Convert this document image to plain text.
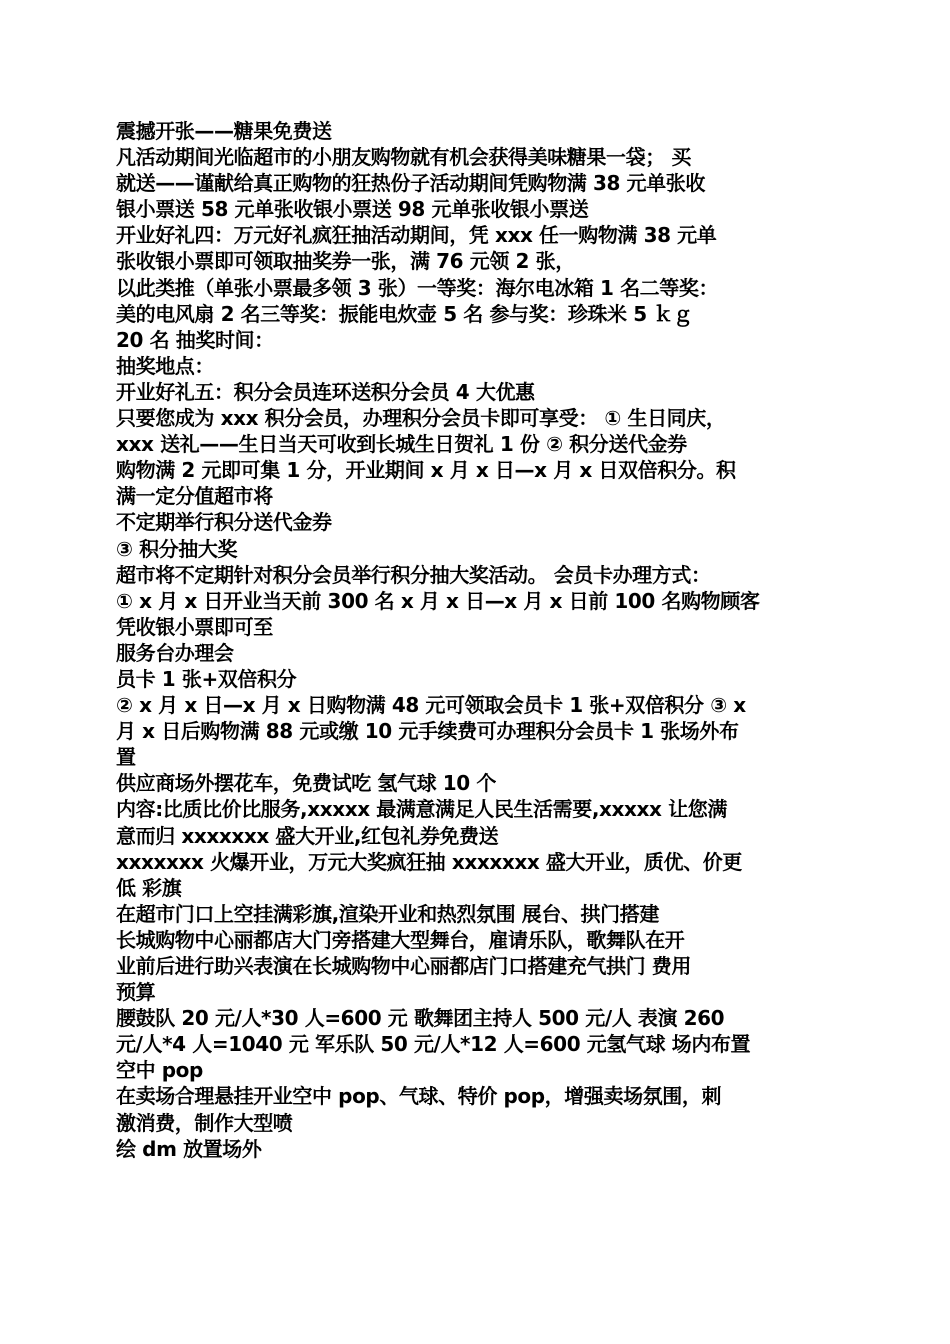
震撼开张——糖果免费送
凡活动期间光临超市的小朋友购物就有机会获得美味糖果一袋； 买
就送——谨献给真正购物的狂热份子活动期间凭购物满 38 元单张收
银小票送 58 元单张收银小票送 98 元单张收银小票送
开业好礼四：万元好礼疯狂抽活动期间，凭 xxx 任一购物满 38 元单
张收银小票即可领取抽奖券一张，满 76 元领 2 张，
以此类推（单张小票最多领 3 张）一等奖：海尔电冰箱 1 名二等奖：
美的电风扇 2 名三等奖：振能电炊壶 5 名 参与奖：珍珠米 5 ｋｇ
20 名 抽奖时间：
抽奖地点：
开业好礼五：积分会员连环送积分会员 4 大优惠
只要您成为 xxx 积分会员，办理积分会员卡即可享受： ① 生日同庆，
xxx 送礼——生日当天可收到长城生日贺礼 1 份 ② 积分送代金券
购物满 2 元即可集 1 分，开业期间 x 月 x 日—x 月 x 日双倍积分。积
满一定分值超市将
不定期举行积分送代金券
③ 积分抽大奖
超市将不定期针对积分会员举行积分抽大奖活动。 会员卡办理方式：
① x 月 x 日开业当天前 300 名 x 月 x 日—x 月 x 日前 100 名购物顾客
凭收银小票即可至
服务台办理会
员卡 1 张+双倍积分
② x 月 x 日—x 月 x 日购物满 48 元可领取会员卡 1 张+双倍积分 ③ x
月 x 日后购物满 88 元或缴 10 元手续费可办理积分会员卡 1 张场外布
置
供应商场外摆花车，免费试吃 氢气球 10 个
内容:比质比价比服务,xxxxx 最满意满足人民生活需要,xxxxx 让您满
意而归 xxxxxxx 盛大开业,红包礼券免费送
xxxxxxx 火爆开业，万元大奖疯狂抽 xxxxxxx 盛大开业，质优、价更
低 彩旗
在超市门口上空挂满彩旗,渲染开业和热烈氛围 展台、拱门搭建
长城购物中心丽都店大门旁搭建大型舞台，雇请乐队，歌舞队在开
业前后进行助兴表演在长城购物中心丽都店门口搭建充气拱门 费用
预算
腰鼓队 20 元/人*30 人=600 元 歌舞团主持人 500 元/人 表演 260
元/人*4 人=1040 元 军乐队 50 元/人*12 人=600 元氢气球 场内布置
空中 pop
在卖场合理悬挂开业空中 pop、气球、特价 pop，增强卖场氛围，刺
激消费，制作大型喷
绘 dm 放置场外
